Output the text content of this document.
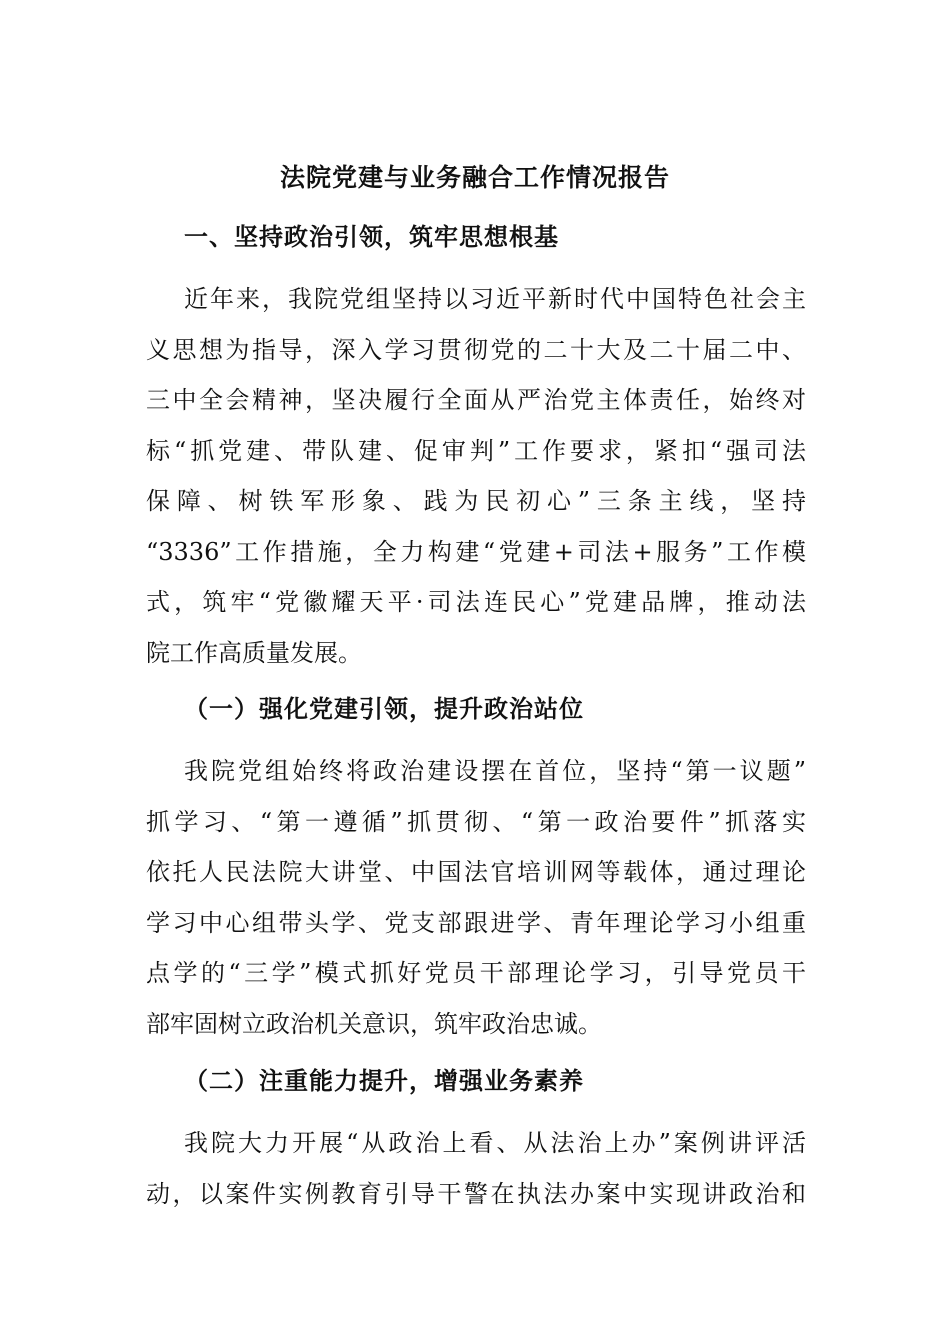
法院党建与业务融合工作情况报告
一、坚持政治引领，筑牢思想根基
近年来，我院党组坚持以习近平新时代中国特色社会主
义思想为指导，深入学习贯彻党的二十大及二十届二中、
三中全会精神，坚决履行全面从严治党主体责任，始终对
标“抓党建、带队建、促审判”工作要求，紧扣“强司法
保障、树铁军形象、践为民初心”三条主线，坚持
“3336”工作措施，全力构建“党建+司法+服务”工作模
式，筑牢“党徽耀天平·司法连民心”党建品牌，推动法
院工作高质量发展。
（一）强化党建引领，提升政治站位
我院党组始终将政治建设摆在首位，坚持“第一议题”
抓学习、“第一遵循”抓贯彻、“第一政治要件”抓落实
依托人民法院大讲堂、中国法官培训网等载体，通过理论
学习中心组带头学、党支部跟进学、青年理论学习小组重
点学的“三学”模式抓好党员干部理论学习，引导党员干
部牢固树立政治机关意识，筑牢政治忠诚。
（二）注重能力提升，增强业务素养
我院大力开展“从政治上看、从法治上办”案例讲评活
动，以案件实例教育引导干警在执法办案中实现讲政治和
